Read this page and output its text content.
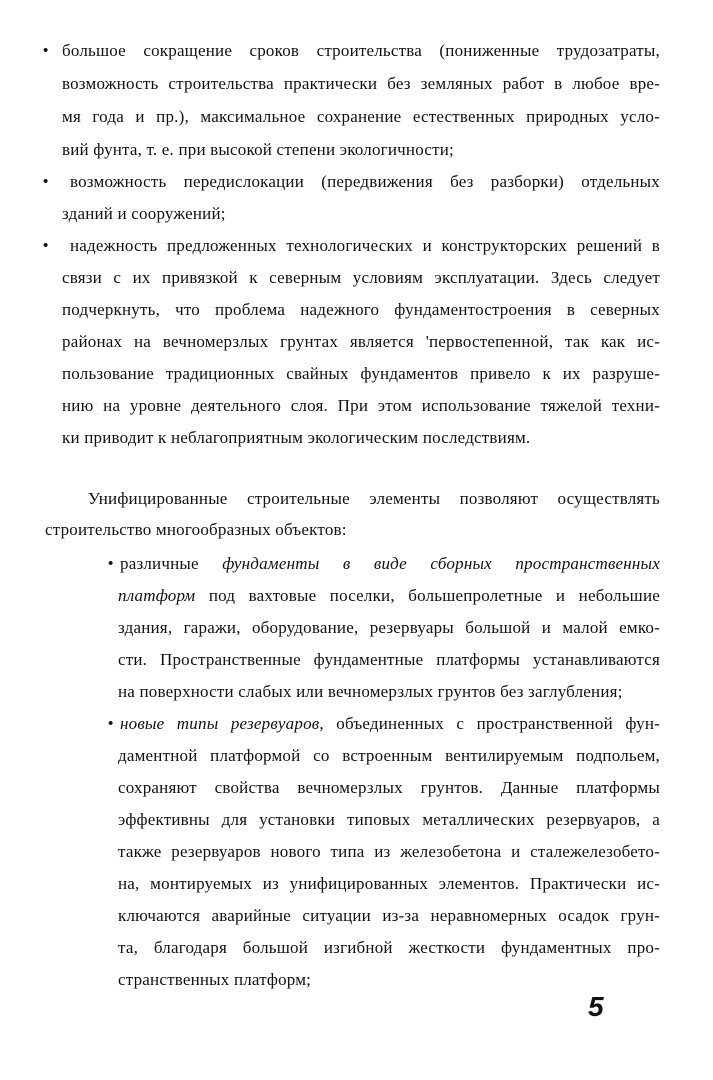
• большое сокращение сроков строительства (пониженные трудозатраты,
возможность строительства практически без земляных работ в любое вре-
мя года и пр.), максимальное сохранение естественных природных усло-
вий фунта, т. е. при высокой степени экологичности;
• возможность передислокации (передвижения без разборки) отдельных
зданий и сооружений;
• надежность предложенных технологических и конструкторских решений в
связи с их привязкой к северным условиям эксплуатации. Здесь следует
подчеркнуть, что проблема надежного фундаментостроения в северных
районах на вечномерзлых грунтах является 'первостепенной, так как ис-
пользование традиционных свайных фундаментов привело к их разруше-
нию на уровне деятельного слоя. При этом использование тяжелой техни-
ки приводит к неблагоприятным экологическим последствиям.
Унифицированные строительные элементы позволяют осуществлять
строительство многообразных объектов:
• различные фундаменты в виде сборных пространственных
платформ под вахтовые поселки, большепролетные и небольшие
здания, гаражи, оборудование, резервуары большой и малой емко-
сти. Пространственные фундаментные платформы устанавливаются
на поверхности слабых или вечномерзлых грунтов без заглубления;
• новые типы резервуаров, объединенных с пространственной фун-
даментной платформой со встроенным вентилируемым подпольем,
сохраняют свойства вечномерзлых грунтов. Данные платформы
эффективны для установки типовых металлических резервуаров, а
также резервуаров нового типа из железобетона и сталежелезобето-
на, монтируемых из унифицированных элементов. Практически ис-
ключаются аварийные ситуации из-за неравномерных осадок грун-
та, благодаря большой изгибной жесткости фундаментных про-
странственных платформ;
5
